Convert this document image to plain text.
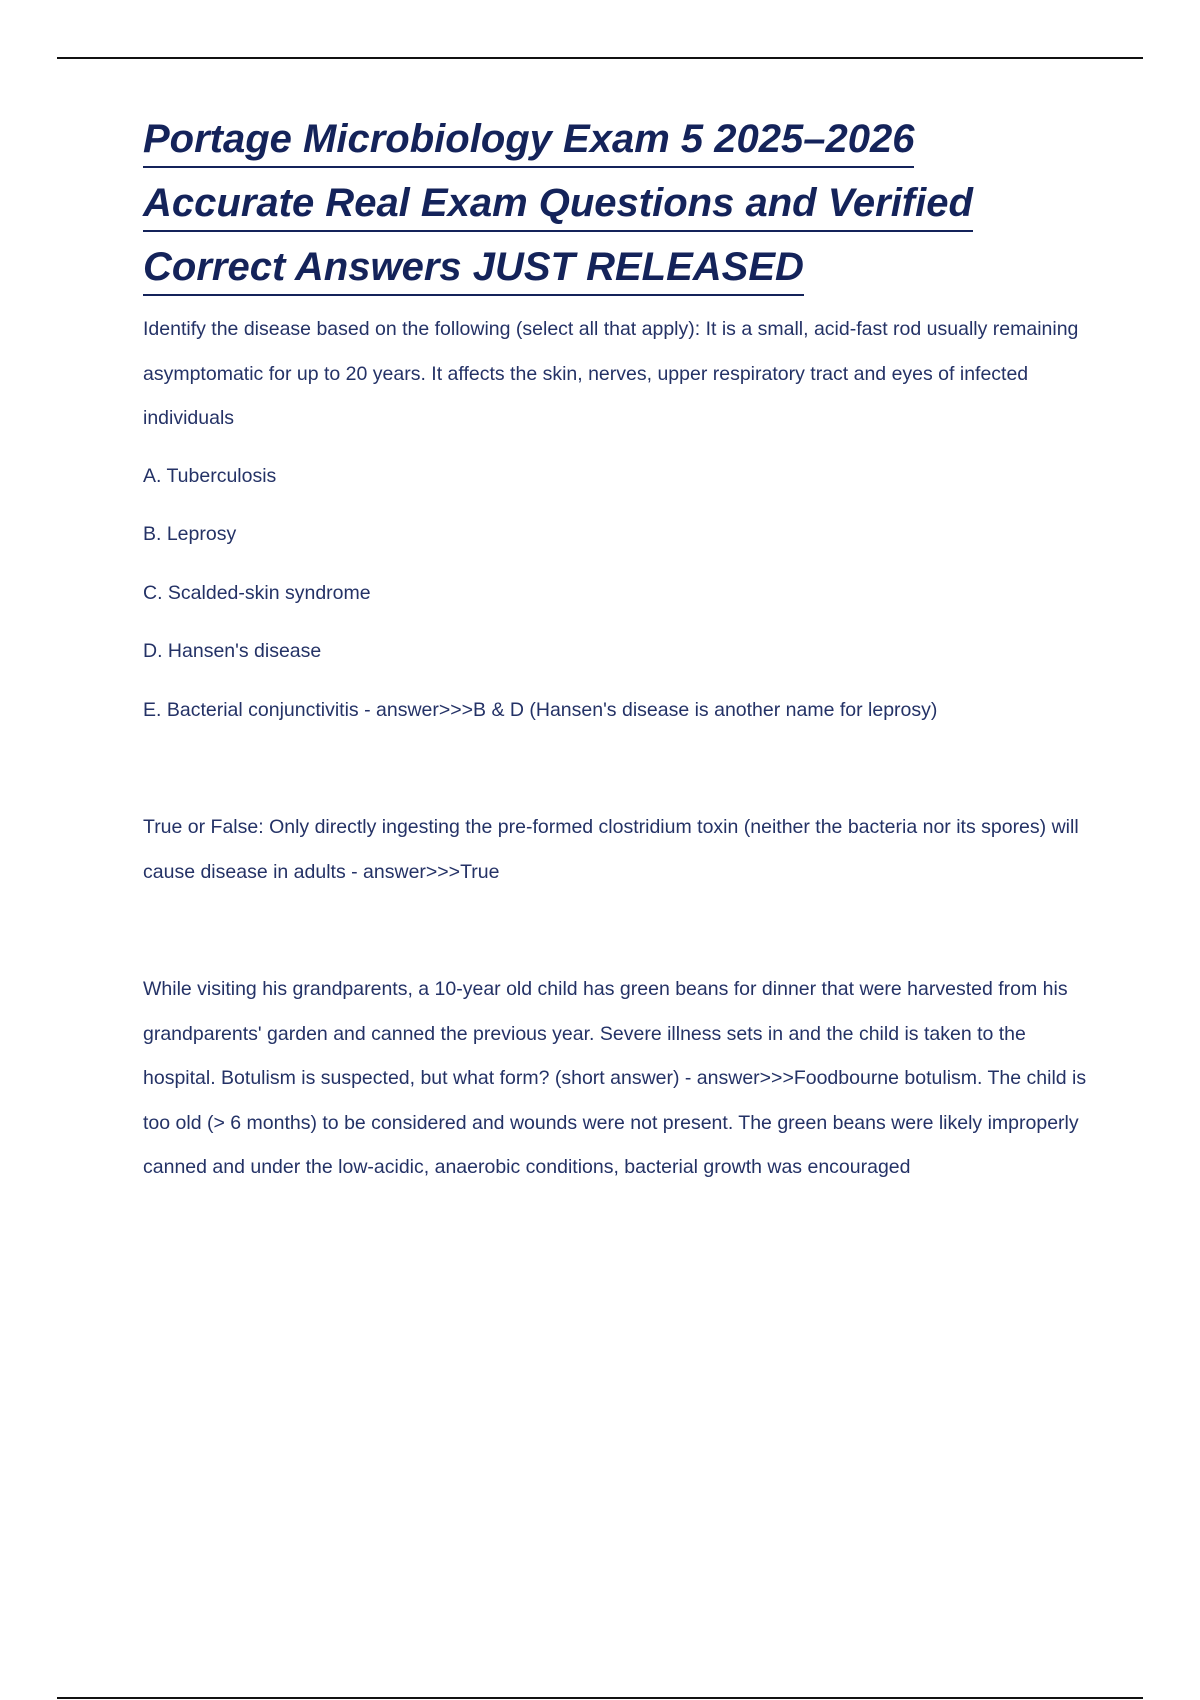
Portage Microbiology Exam 5 2025–2026
Accurate Real Exam Questions and Verified
Correct Answers JUST RELEASED

Identify the disease based on the following (select all that apply): It is a small, acid-fast rod usually remaining asymptomatic for up to 20 years. It affects the skin, nerves, upper respiratory tract and eyes of infected individuals

A. Tuberculosis

B. Leprosy

C. Scalded-skin syndrome

D. Hansen's disease

E. Bacterial conjunctivitis - answer>>>B & D (Hansen's disease is another name for leprosy)

True or False: Only directly ingesting the pre-formed clostridium toxin (neither the bacteria nor its spores) will cause disease in adults - answer>>>True

While visiting his grandparents, a 10-year old child has green beans for dinner that were harvested from his grandparents' garden and canned the previous year. Severe illness sets in and the child is taken to the hospital. Botulism is suspected, but what form? (short answer) - answer>>>Foodbourne botulism. The child is too old (> 6 months) to be considered and wounds were not present. The green beans were likely improperly canned and under the low-acidic, anaerobic conditions, bacterial growth was encouraged
